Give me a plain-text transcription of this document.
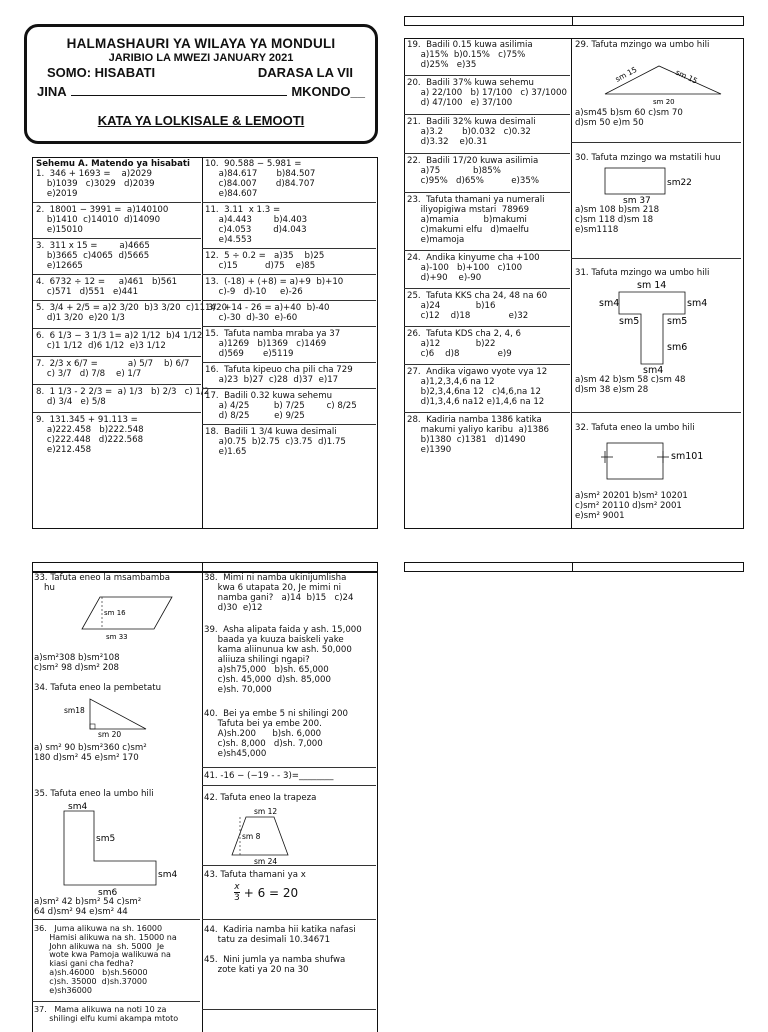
HALMASHAURI YA WILAYA YA MONDULI
JARIBIO LA MWEZI JANUARY 2021
SOMO: HISABATI	DARASA LA VII
JINA	MKONDO__
KATA YA LOLKISALE & LEMOOTI
Sehemu A. Matendo ya hisabati
1.  346 + 1693 =    a)2029
b)1039   c)3029   d)2039
e)2019
2.  18001 − 3991 =  a)140100
b)1410  c)14010  d)14090
e)15010
3.  311 x 15 =        a)4665
b)3665  c)4065  d)5665
e)12665
4.  6732 ÷ 12 =     a)461   b)561
c)571   d)551   e)441
5.  3/4 + 2/5 = a)2 3/20  b)3 3/20  c)11 3/20
d)1 3/20  e)20 1/3
6.  6 1/3 − 3 1/3 1= a)2 1/12  b)4 1/12
c)1 1/12  d)6 1/12  e)3 1/12
7.  2/3 x 6/7 =           a) 5/7    b) 6/7
c) 3/7   d) 7/8    e) 1/7
8.  1 1/3 - 2 2/3 =  a) 1/3   b) 2/3   c) 1/2
d) 3/4   e) 5/8
9.  131.345 + 91.113 =
a)222.458   b)222.548
c)222.448   d)222.568
e)212.458
10.  90.588 − 5.981 =
a)84.617       b)84.507
c)84.007       d)84.707
e)84.607
11.  3.11  x 1.3 =
a)4.443        b)4.403
c)4.053        d)4.043
e)4.553
12.  5 ÷ 0.2 =   a)35    b)25
c)15          d)75    e)85
13.  (-18) + (+8) = a)+9  b)+10
c)-9   d)-10     e)-26
14.  +14 - 26 = a)+40  b)-40
c)-30  d)-30  e)-60
15.  Tafuta namba mraba ya 37
a)1269   b)1369   c)1469
d)569       e)5119
16.  Tafuta kipeuo cha pili cha 729
a)23  b)27  c)28  d)37  e)17
17.  Badili 0.32 kuwa sehemu
a) 4/25         b) 7/25        c) 8/25
d) 8/25         e) 9/25
18.  Badili 1 3/4 kuwa desimali
a)0.75  b)2.75  c)3.75  d)1.75
e)1.65
19.  Badili 0.15 kuwa asilimia
a)15%  b)0.15%   c)75%
d)25%   e)35
20.  Badili 37% kuwa sehemu
a) 22/100   b) 17/100   c) 37/1000
d) 47/100   e) 37/100
21.  Badili 32% kuwa desimali
a)3.2       b)0.032   c)0.32
d)3.32    e)0.31
22.  Badili 17/20 kuwa asilimia
a)75            b)85%
c)95%   d)65%          e)35%
23.  Tafuta thamani ya numerali
iliyopigiwa mstari  78969
a)mamia         b)makumi
c)makumi elfu   d)maelfu
e)mamoja
24.  Andika kinyume cha +100
a)-100   b)+100   c)100
d)+90    e)-90
25.  Tafuta KKS cha 24, 48 na 60
a)24             b)16
c)12    d)18              e)32
26.  Tafuta KDS cha 2, 4, 6
a)12             b)22
c)6    d)8              e)9
27.  Andika vigawo vyote vya 12
a)1,2,3,4,6 na 12
b)2,3,4,6na 12   c)4,6,na 12
d)1,3,4,6 na12 e)1,4,6 na 12
28.  Kadiria namba 1386 katika
makumi yaliyo karibu  a)1386
b)1380  c)1381   d)1490
e)1390
29. Tafuta mzingo wa umbo hili
sm 15	sm 15
sm 20
a)sm45 b)sm 60 c)sm 70
d)sm 50 e)m 50
30. Tafuta mzingo wa mstatili huu
sm22
sm 37
a)sm 108 b)sm 218
c)sm 118 d)sm 18
e)sm1118
31. Tafuta mzingo wa umbo hili
sm 14
sm4	sm4
sm5	sm5
sm6
sm4
a)sm 42 b)sm 58 c)sm 48
d)sm 38 e)sm 28
32. Tafuta eneo la umbo hili
sm101
a)sm² 20201 b)sm² 10201
c)sm² 20110 d)sm² 2001
e)sm² 9001
33. Tafuta eneo la msambamba
hu
sm 16
sm 33
a)sm²308 b)sm²108
c)sm² 98 d)sm² 208
34. Tafuta eneo la pembetatu
sm18
sm 20
a) sm² 90 b)sm²360 c)sm²
180 d)sm² 45 e)sm² 170
35. Tafuta eneo la umbo hili
sm4
sm5
sm4
sm6
a)sm² 42 b)sm² 54 c)sm²
64 d)sm² 94 e)sm² 44
36.   Juma alikuwa na sh. 16000
Hamisi alikuwa na sh. 15000 na
John alikuwa na  sh. 5000  Je
wote kwa Pamoja walikuwa na
kiasi gani cha fedha?
a)sh.46000   b)sh.56000
c)sh. 35000  d)sh.37000
e)sh36000
37.   Mama alikuwa na noti 10 za
shilingi elfu kumi akampa mtoto
38.  Mimi ni namba ukinijumlisha
kwa 6 utapata 20, Je mimi ni
namba gani?   a)14  b)15   c)24
d)30  e)12
39.  Asha alipata faida y ash. 15,000
baada ya kuuza baiskeli yake
kama aliinunua kw ash. 50,000
aliiuza shilingi ngapi?
a)sh75,000   b)sh. 65,000
c)sh. 45,000  d)sh. 85,000
e)sh. 70,000
40.  Bei ya embe 5 ni shilingi 200
Tafuta bei ya embe 200.
A)sh.200      b)sh. 6,000
c)sh. 8,000   d)sh. 7,000
e)sh45,000
41. -16 − (−19 - - 3)=________
42. Tafuta eneo la trapeza
sm 12
sm 8
sm 24
43. Tafuta thamani ya x
$\frac{x}{3} + 6 = 20$
44.  Kadiria namba hii katika nafasi
tatu za desimali 10.34671
45.  Nini jumla ya namba shufwa
zote kati ya 20 na 30
